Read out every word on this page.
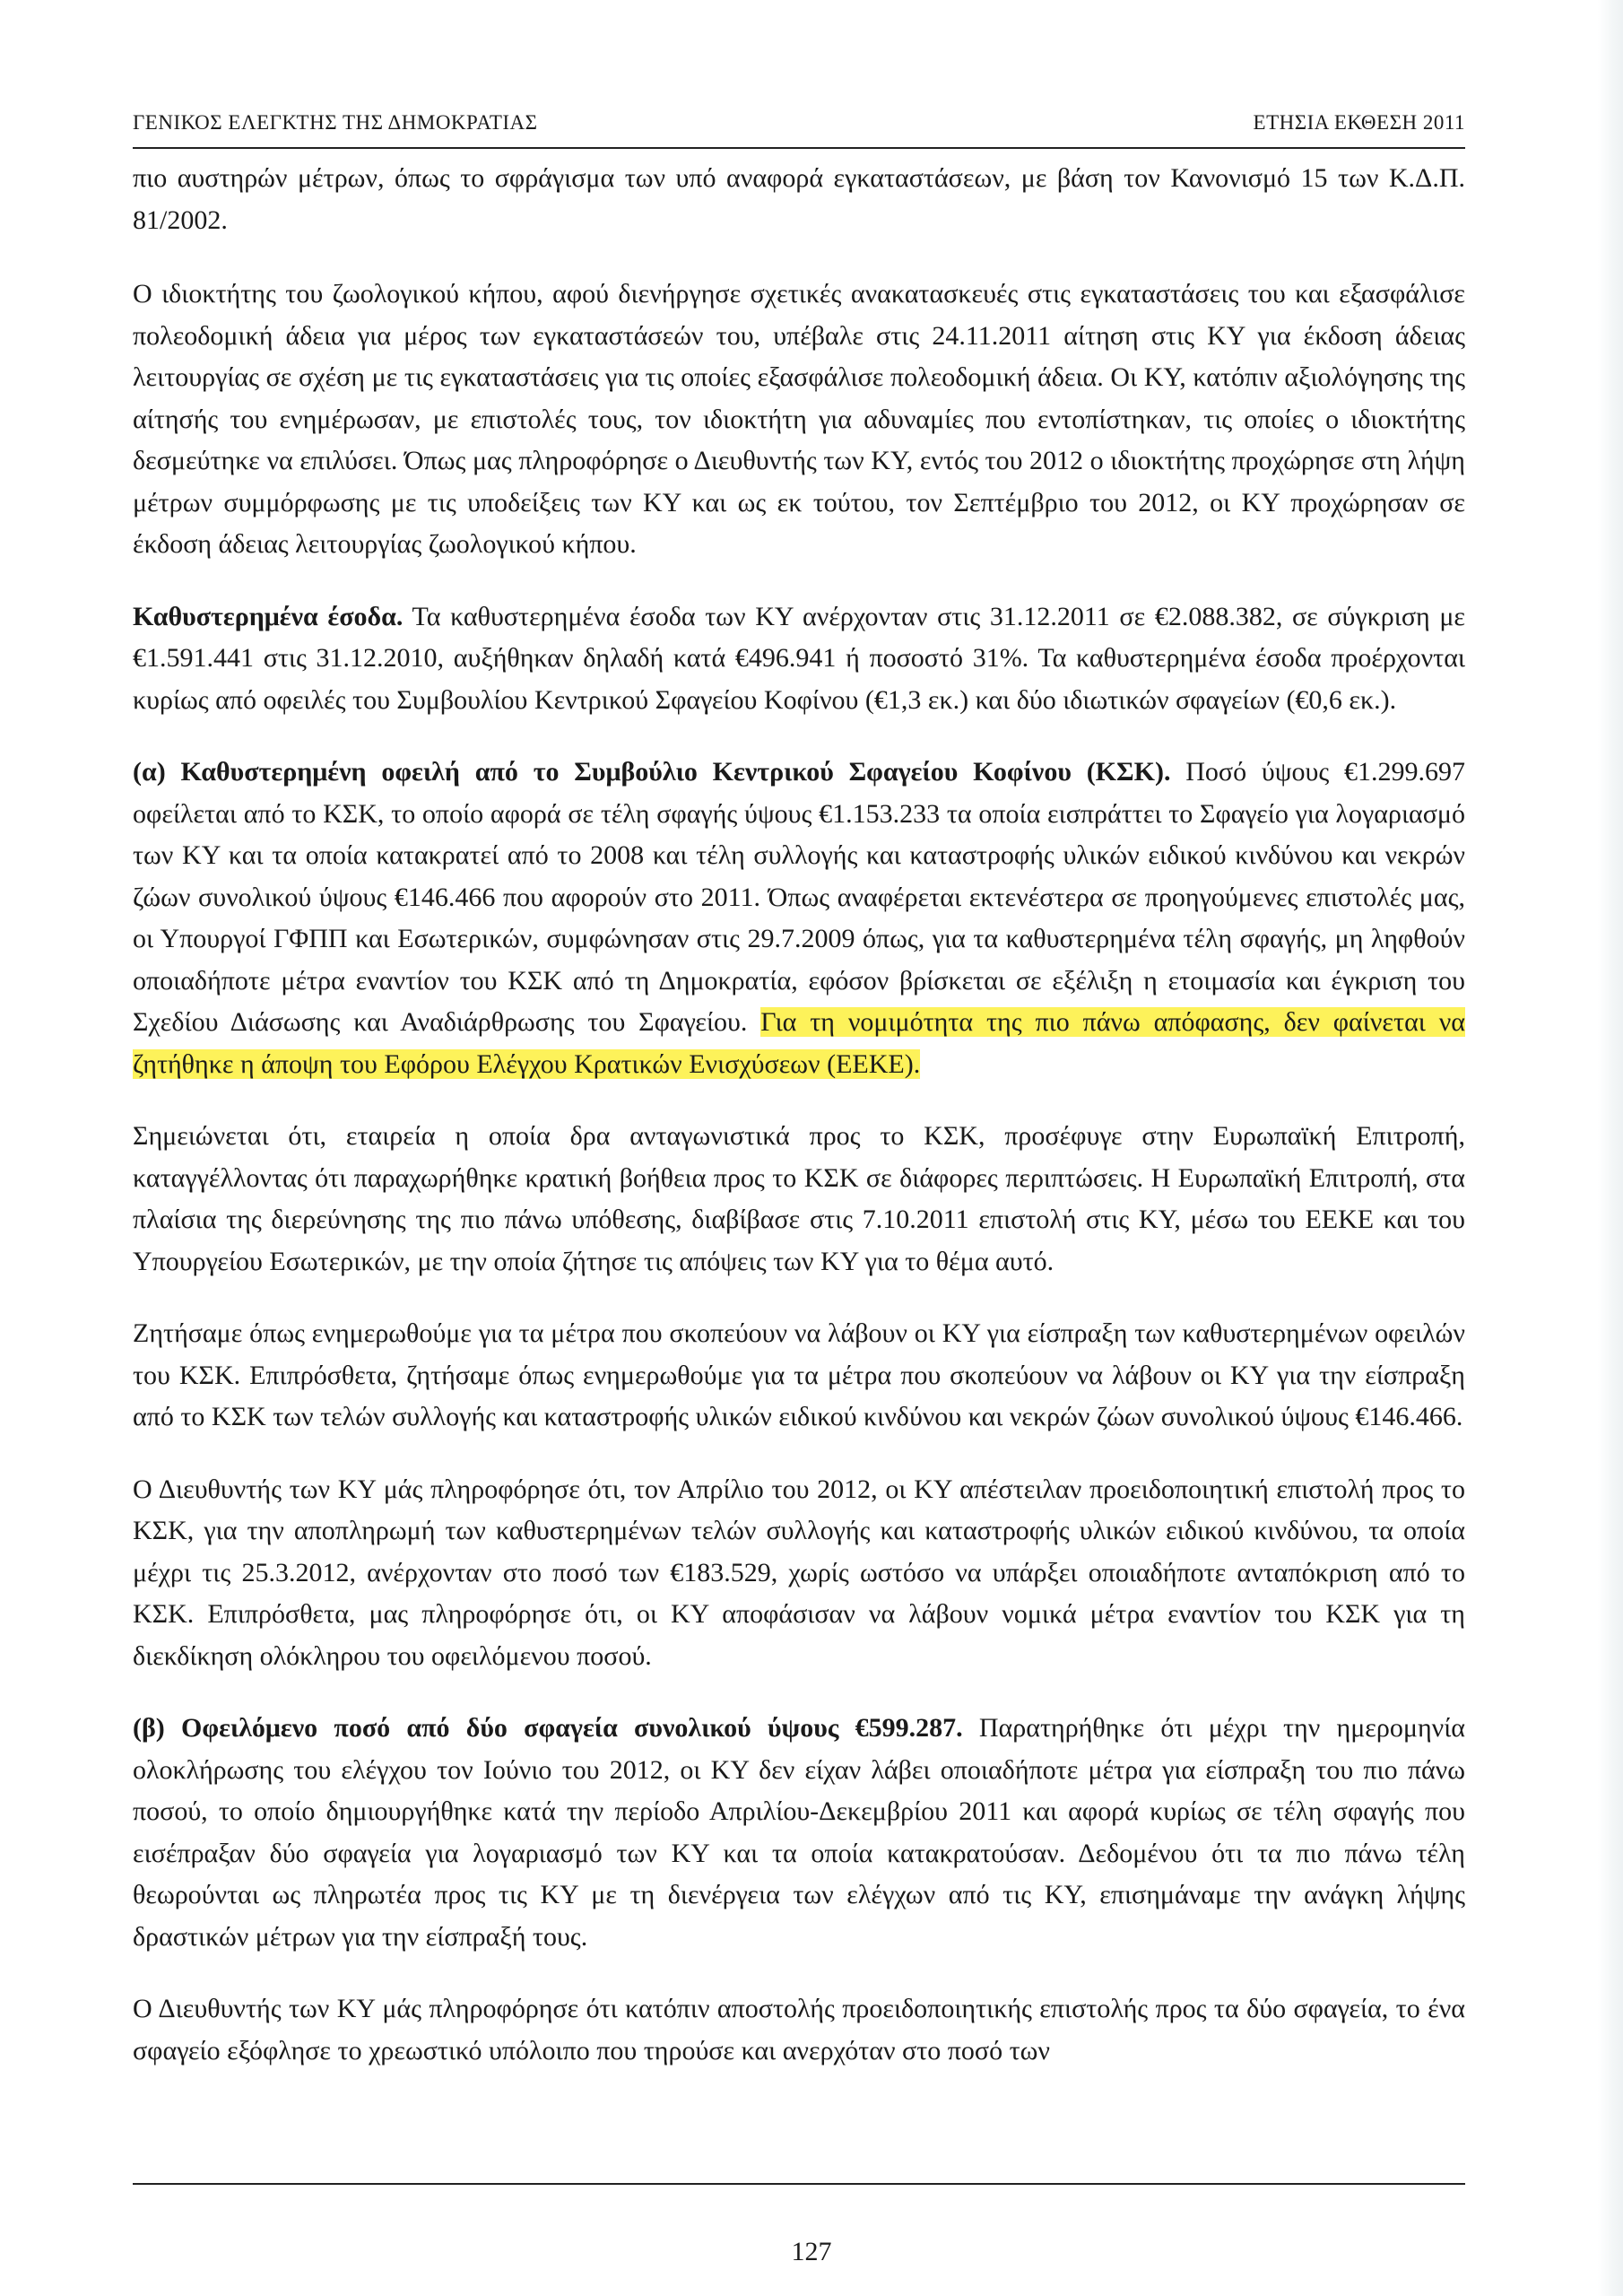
ΓΕΝΙΚΟΣ ΕΛΕΓΚΤΗΣ ΤΗΣ ΔΗΜΟΚΡΑΤΙΑΣ	ΕΤΗΣΙΑ ΕΚΘΕΣΗ 2011

πιο αυστηρών μέτρων, όπως το σφράγισμα των υπό αναφορά εγκαταστάσεων, με βάση τον Κανονισμό 15 των Κ.Δ.Π. 81/2002.

Ο ιδιοκτήτης του ζωολογικού κήπου, αφού διενήργησε σχετικές ανακατασκευές στις εγκαταστάσεις του και εξασφάλισε πολεοδομική άδεια για μέρος των εγκαταστάσεών του, υπέβαλε στις 24.11.2011 αίτηση στις ΚΥ για έκδοση άδειας λειτουργίας σε σχέση με τις εγκαταστάσεις για τις οποίες εξασφάλισε πολεοδομική άδεια. Οι ΚΥ, κατόπιν αξιολόγησης της αίτησής του ενημέρωσαν, με επιστολές τους, τον ιδιοκτήτη για αδυναμίες που εντοπίστηκαν, τις οποίες ο ιδιοκτήτης δεσμεύτηκε να επιλύσει. Όπως μας πληροφόρησε ο Διευθυντής των ΚΥ, εντός του 2012 ο ιδιοκτήτης προχώρησε στη λήψη μέτρων συμμόρφωσης με τις υποδείξεις των ΚΥ και ως εκ τούτου, τον Σεπτέμβριο του 2012, οι ΚΥ προχώρησαν σε έκδοση άδειας λειτουργίας ζωολογικού κήπου.

Καθυστερημένα έσοδα. Τα καθυστερημένα έσοδα των ΚΥ ανέρχονταν στις 31.12.2011 σε €2.088.382, σε σύγκριση με €1.591.441 στις 31.12.2010, αυξήθηκαν δηλαδή κατά €496.941 ή ποσοστό 31%. Τα καθυστερημένα έσοδα προέρχονται κυρίως από οφειλές του Συμβουλίου Κεντρικού Σφαγείου Κοφίνου (€1,3 εκ.) και δύο ιδιωτικών σφαγείων (€0,6 εκ.).

(α) Καθυστερημένη οφειλή από το Συμβούλιο Κεντρικού Σφαγείου Κοφίνου (ΚΣΚ). Ποσό ύψους €1.299.697 οφείλεται από το ΚΣΚ, το οποίο αφορά σε τέλη σφαγής ύψους €1.153.233 τα οποία εισπράττει το Σφαγείο για λογαριασμό των ΚΥ και τα οποία κατακρατεί από το 2008 και τέλη συλλογής και καταστροφής υλικών ειδικού κινδύνου και νεκρών ζώων συνολικού ύψους €146.466 που αφορούν στο 2011. Όπως αναφέρεται εκτενέστερα σε προηγούμενες επιστολές μας, οι Υπουργοί ΓΦΠΠ και Εσωτερικών, συμφώνησαν στις 29.7.2009 όπως, για τα καθυστερημένα τέλη σφαγής, μη ληφθούν οποιαδήποτε μέτρα εναντίον του ΚΣΚ από τη Δημοκρατία, εφόσον βρίσκεται σε εξέλιξη η ετοιμασία και έγκριση του Σχεδίου Διάσωσης και Αναδιάρθρωσης του Σφαγείου. Για τη νομιμότητα της πιο πάνω απόφασης, δεν φαίνεται να ζητήθηκε η άποψη του Εφόρου Ελέγχου Κρατικών Ενισχύσεων (ΕΕΚΕ).

Σημειώνεται ότι, εταιρεία η οποία δρα ανταγωνιστικά προς το ΚΣΚ, προσέφυγε στην Ευρωπαϊκή Επιτροπή, καταγγέλλοντας ότι παραχωρήθηκε κρατική βοήθεια προς το ΚΣΚ σε διάφορες περιπτώσεις. Η Ευρωπαϊκή Επιτροπή, στα πλαίσια της διερεύνησης της πιο πάνω υπόθεσης, διαβίβασε στις 7.10.2011 επιστολή στις ΚΥ, μέσω του ΕΕΚΕ και του Υπουργείου Εσωτερικών, με την οποία ζήτησε τις απόψεις των ΚΥ για το θέμα αυτό.

Ζητήσαμε όπως ενημερωθούμε για τα μέτρα που σκοπεύουν να λάβουν οι ΚΥ για είσπραξη των καθυστερημένων οφειλών του ΚΣΚ. Επιπρόσθετα, ζητήσαμε όπως ενημερωθούμε για τα μέτρα που σκοπεύουν να λάβουν οι ΚΥ για την είσπραξη από το ΚΣΚ των τελών συλλογής και καταστροφής υλικών ειδικού κινδύνου και νεκρών ζώων συνολικού ύψους €146.466.

Ο Διευθυντής των ΚΥ μάς πληροφόρησε ότι, τον Απρίλιο του 2012, οι ΚΥ απέστειλαν προειδοποιητική επιστολή προς το ΚΣΚ, για την αποπληρωμή των καθυστερημένων τελών συλλογής και καταστροφής υλικών ειδικού κινδύνου, τα οποία μέχρι τις 25.3.2012, ανέρχονταν στο ποσό των €183.529, χωρίς ωστόσο να υπάρξει οποιαδήποτε ανταπόκριση από το ΚΣΚ. Επιπρόσθετα, μας πληροφόρησε ότι, οι ΚΥ αποφάσισαν να λάβουν νομικά μέτρα εναντίον του ΚΣΚ για τη διεκδίκηση ολόκληρου του οφειλόμενου ποσού.

(β) Οφειλόμενο ποσό από δύο σφαγεία συνολικού ύψους €599.287. Παρατηρήθηκε ότι μέχρι την ημερομηνία ολοκλήρωσης του ελέγχου τον Ιούνιο του 2012, οι ΚΥ δεν είχαν λάβει οποιαδήποτε μέτρα για είσπραξη του πιο πάνω ποσού, το οποίο δημιουργήθηκε κατά την περίοδο Απριλίου-Δεκεμβρίου 2011 και αφορά κυρίως σε τέλη σφαγής που εισέπραξαν δύο σφαγεία για λογαριασμό των ΚΥ και τα οποία κατακρατούσαν. Δεδομένου ότι τα πιο πάνω τέλη θεωρούνται ως πληρωτέα προς τις ΚΥ με τη διενέργεια των ελέγχων από τις ΚΥ, επισημάναμε την ανάγκη λήψης δραστικών μέτρων για την είσπραξή τους.

Ο Διευθυντής των ΚΥ μάς πληροφόρησε ότι κατόπιν αποστολής προειδοποιητικής επιστολής προς τα δύο σφαγεία, το ένα σφαγείο εξόφλησε το χρεωστικό υπόλοιπο που τηρούσε και ανερχόταν στο ποσό των

127
